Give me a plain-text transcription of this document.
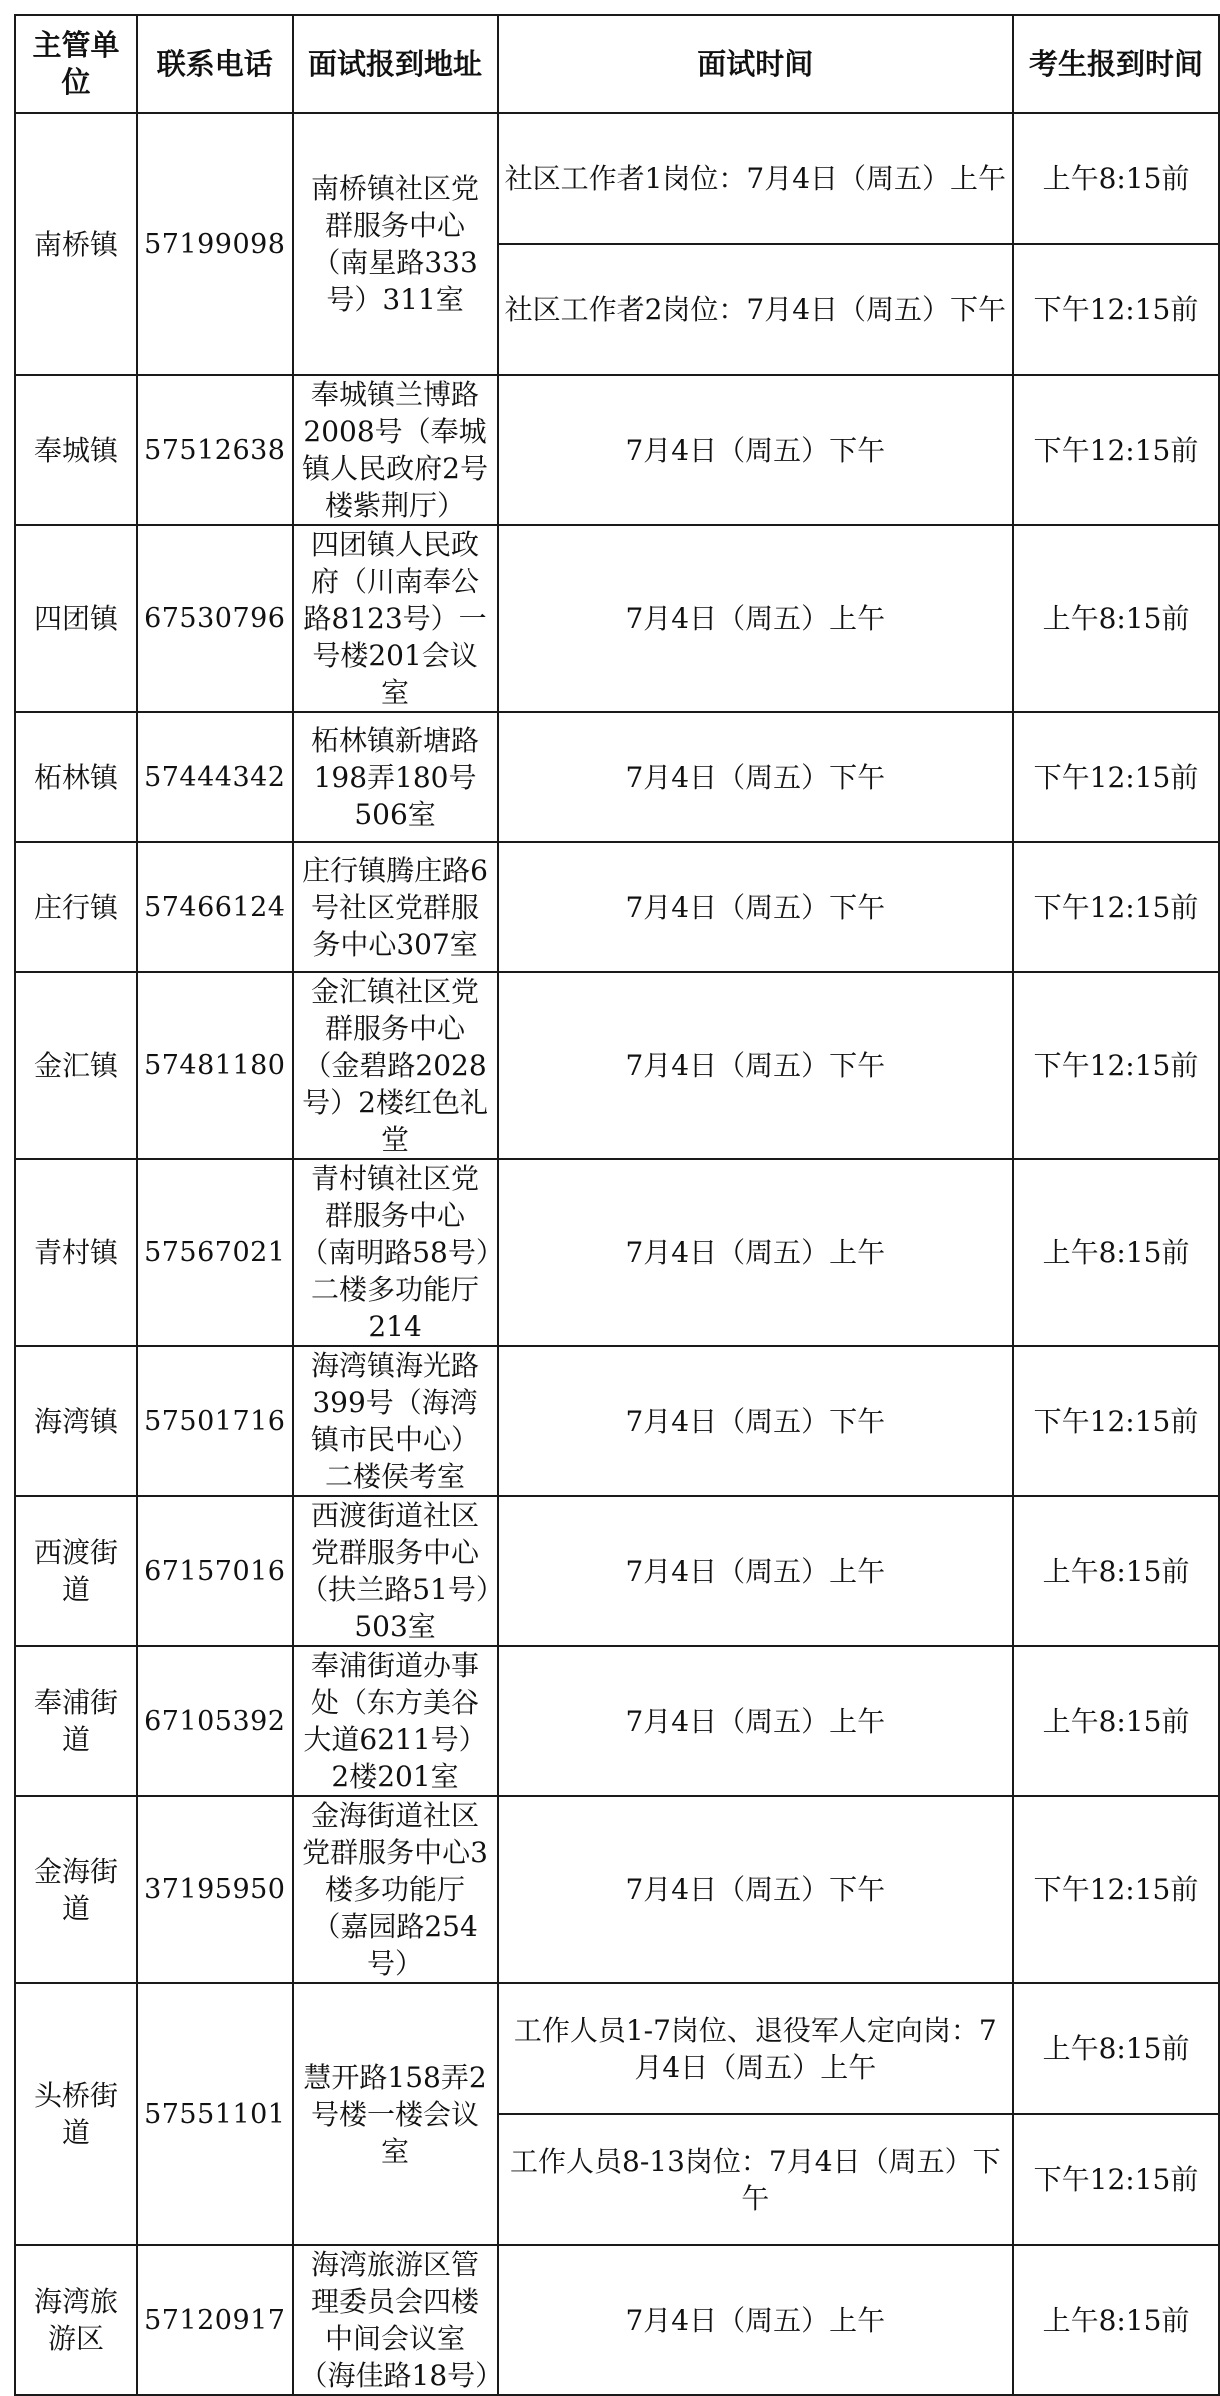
主管单位	联系电话	面试报到地址	面试时间	考生报到时间
南桥镇	57199098	南桥镇社区党群服务中心（南星路333号）311室	社区工作者1岗位：7月4日（周五）上午	上午8:15前
			社区工作者2岗位：7月4日（周五）下午	下午12:15前
奉城镇	57512638	奉城镇兰博路2008号（奉城镇人民政府2号楼紫荆厅）	7月4日（周五）下午	下午12:15前
四团镇	67530796	四团镇人民政府（川南奉公路8123号）一号楼201会议室	7月4日（周五）上午	上午8:15前
柘林镇	57444342	柘林镇新塘路198弄180号506室	7月4日（周五）下午	下午12:15前
庄行镇	57466124	庄行镇腾庄路6号社区党群服务中心307室	7月4日（周五）下午	下午12:15前
金汇镇	57481180	金汇镇社区党群服务中心（金碧路2028号）2楼红色礼堂	7月4日（周五）下午	下午12:15前
青村镇	57567021	青村镇社区党群服务中心（南明路58号）二楼多功能厅214	7月4日（周五）上午	上午8:15前
海湾镇	57501716	海湾镇海光路399号（海湾镇市民中心）二楼侯考室	7月4日（周五）下午	下午12:15前
西渡街道	67157016	西渡街道社区党群服务中心（扶兰路51号）503室	7月4日（周五）上午	上午8:15前
奉浦街道	67105392	奉浦街道办事处（东方美谷大道6211号）2楼201室	7月4日（周五）上午	上午8:15前
金海街道	37195950	金海街道社区党群服务中心3楼多功能厅（嘉园路254号）	7月4日（周五）下午	下午12:15前
头桥街道	57551101	慧开路158弄2号楼一楼会议室	工作人员1-7岗位、退役军人定向岗：7月4日（周五）上午	上午8:15前
			工作人员8-13岗位：7月4日（周五）下午	下午12:15前
海湾旅游区	57120917	海湾旅游区管理委员会四楼中间会议室（海佳路18号）	7月4日（周五）上午	上午8:15前
